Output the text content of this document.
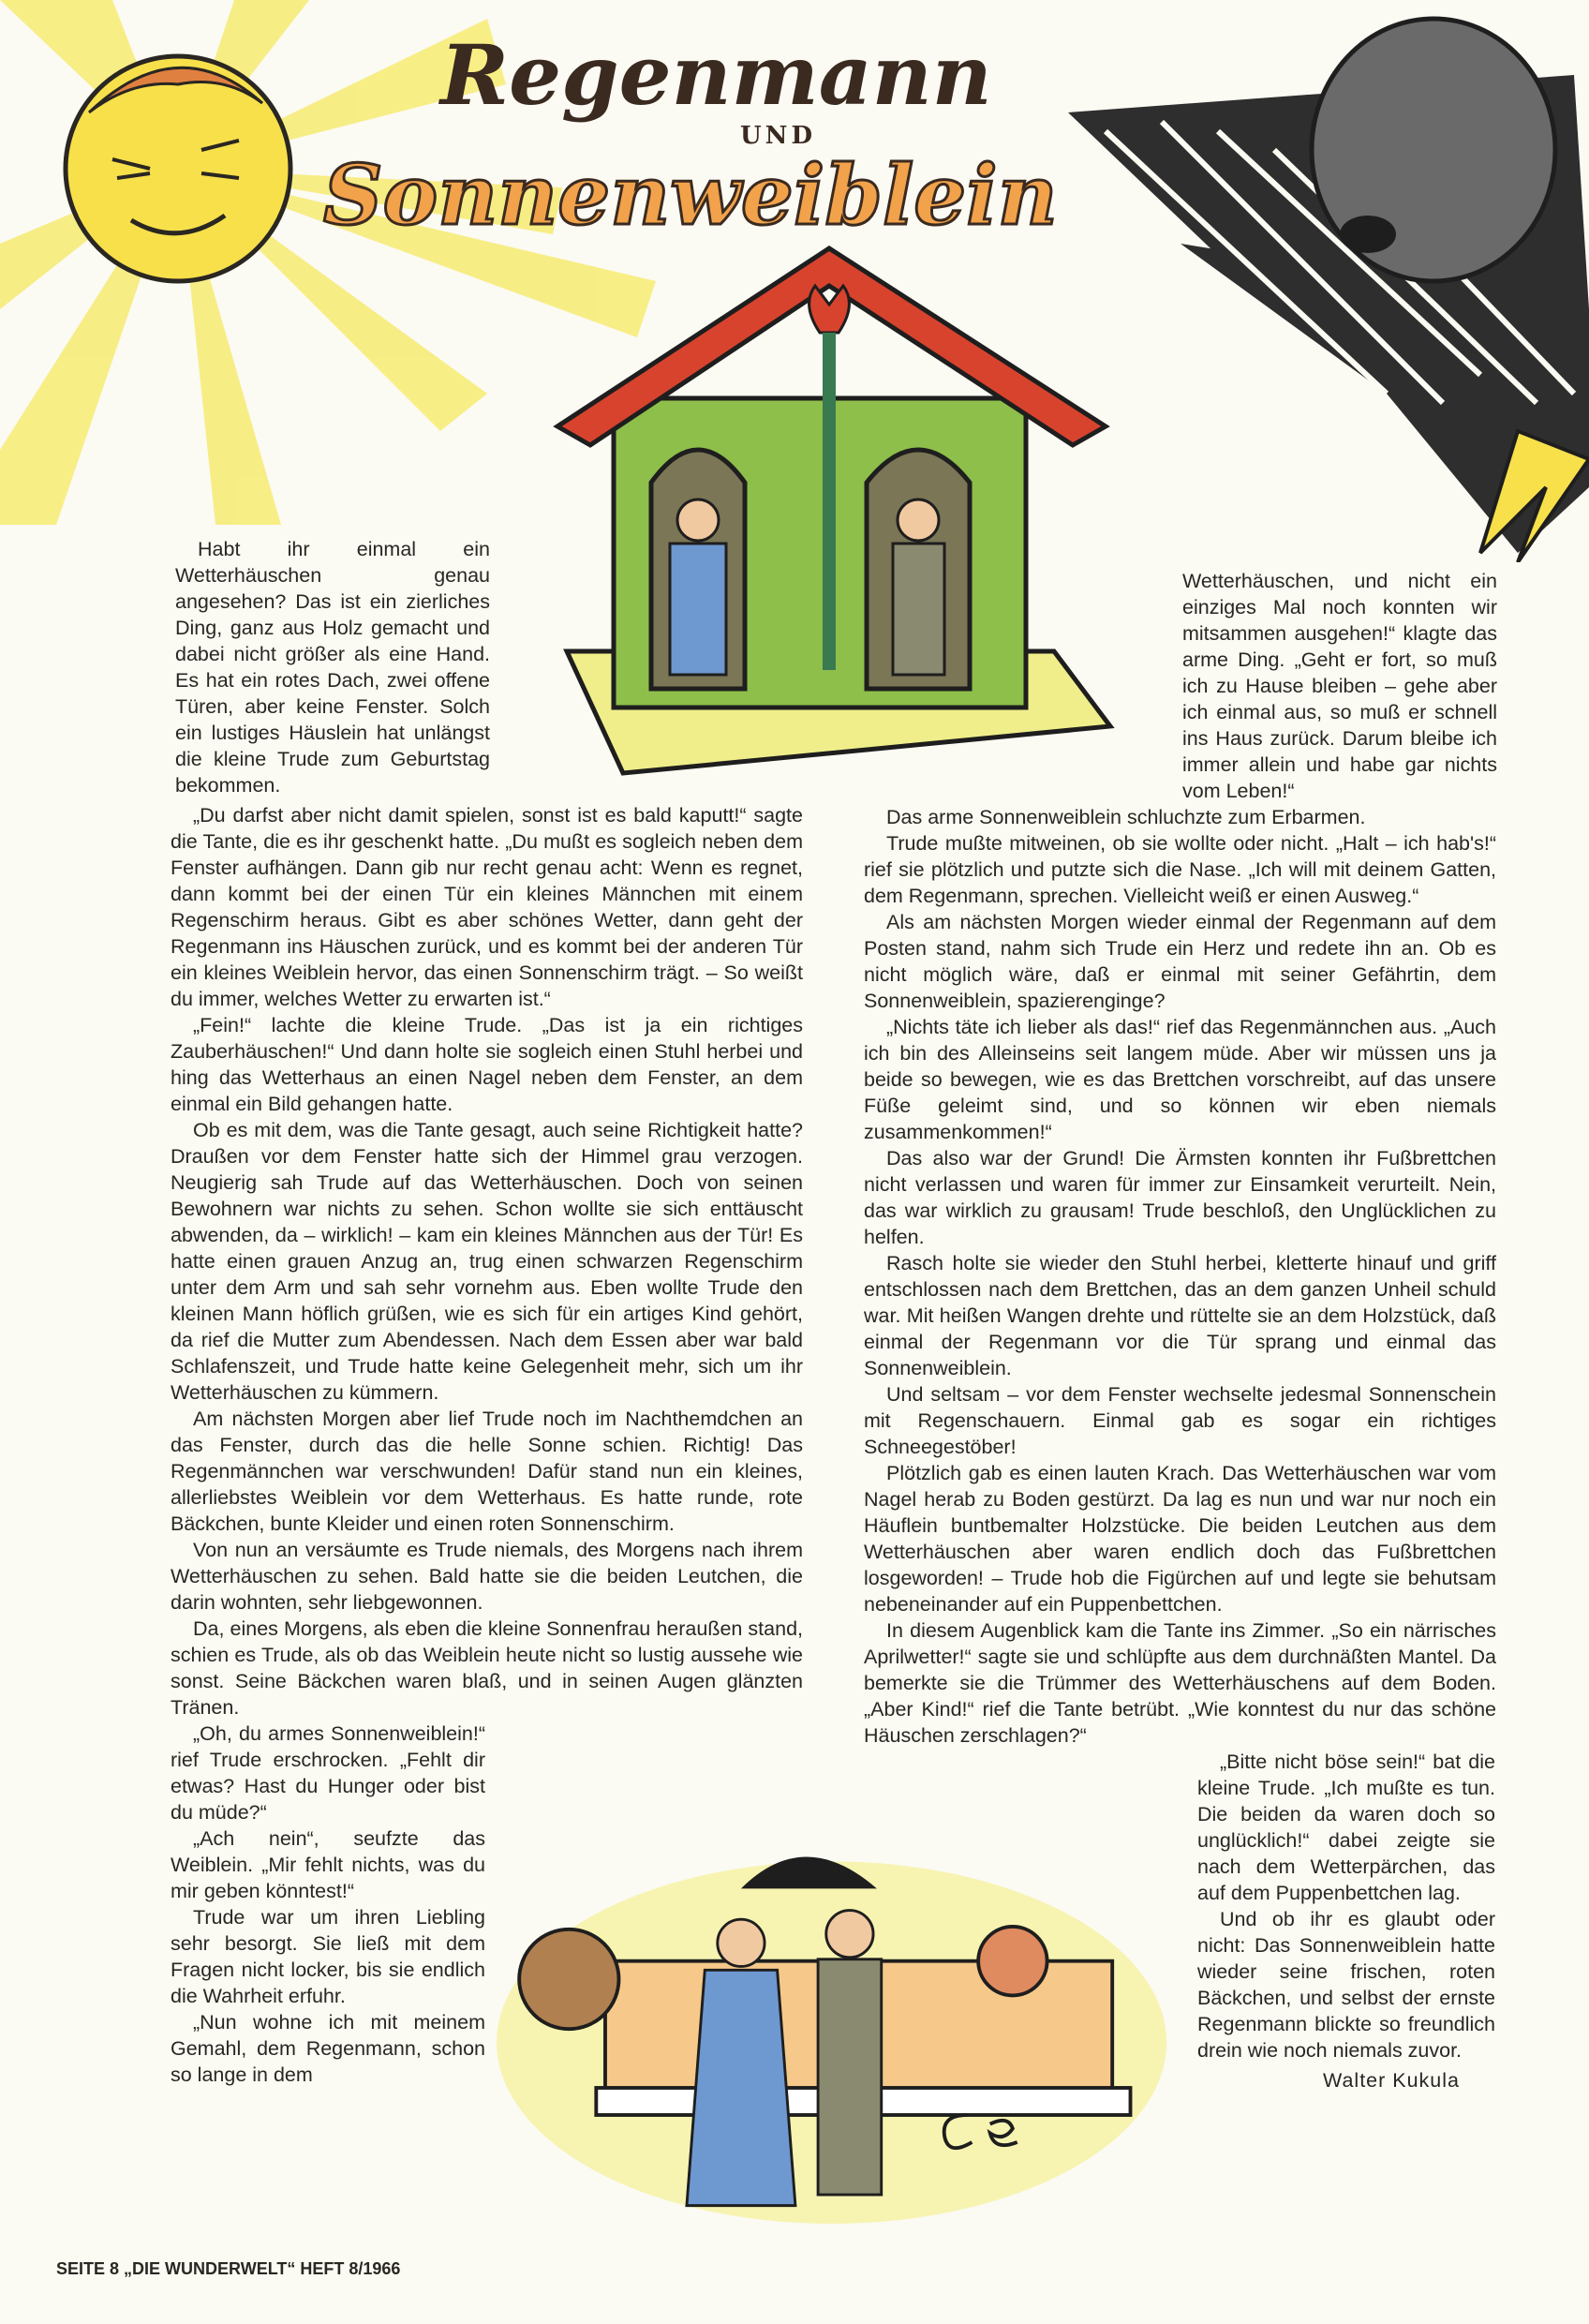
Regenmann
UND
Sonnenweiblein

Habt ihr einmal ein Wetterhäuschen genau angesehen? Das ist ein zierliches Ding, ganz aus Holz gemacht und dabei nicht größer als eine Hand. Es hat ein rotes Dach, zwei offene Türen, aber keine Fenster. Solch ein lustiges Häuslein hat unlängst die kleine Trude zum Geburtstag bekommen.

„Du darfst aber nicht damit spielen, sonst ist es bald kaputt!“ sagte die Tante, die es ihr geschenkt hatte. „Du mußt es sogleich neben dem Fenster aufhängen. Dann gib nur recht genau acht: Wenn es regnet, dann kommt bei der einen Tür ein kleines Männchen mit einem Regenschirm heraus. Gibt es aber schönes Wetter, dann geht der Regenmann ins Häuschen zurück, und es kommt bei der anderen Tür ein kleines Weiblein hervor, das einen Sonnenschirm trägt. – So weißt du immer, welches Wetter zu erwarten ist.“

„Fein!“ lachte die kleine Trude. „Das ist ja ein richtiges Zauberhäuschen!“ Und dann holte sie sogleich einen Stuhl herbei und hing das Wetterhaus an einen Nagel neben dem Fenster, an dem einmal ein Bild gehangen hatte.

Ob es mit dem, was die Tante gesagt, auch seine Richtigkeit hatte? Draußen vor dem Fenster hatte sich der Himmel grau verzogen. Neugierig sah Trude auf das Wetterhäuschen. Doch von seinen Bewohnern war nichts zu sehen. Schon wollte sie sich enttäuscht abwenden, da – wirklich! – kam ein kleines Männchen aus der Tür! Es hatte einen grauen Anzug an, trug einen schwarzen Regenschirm unter dem Arm und sah sehr vornehm aus. Eben wollte Trude den kleinen Mann höflich grüßen, wie es sich für ein artiges Kind gehört, da rief die Mutter zum Abendessen. Nach dem Essen aber war bald Schlafenszeit, und Trude hatte keine Gelegenheit mehr, sich um ihr Wetterhäuschen zu kümmern.

Am nächsten Morgen aber lief Trude noch im Nachthemdchen an das Fenster, durch das die helle Sonne schien. Richtig! Das Regenmännchen war verschwunden! Dafür stand nun ein kleines, allerliebstes Weiblein vor dem Wetterhaus. Es hatte runde, rote Bäckchen, bunte Kleider und einen roten Sonnenschirm.

Von nun an versäumte es Trude niemals, des Morgens nach ihrem Wetterhäuschen zu sehen. Bald hatte sie die beiden Leutchen, die darin wohnten, sehr liebgewonnen.

Da, eines Morgens, als eben die kleine Sonnenfrau heraußen stand, schien es Trude, als ob das Weiblein heute nicht so lustig aussehe wie sonst. Seine Bäckchen waren blaß, und in seinen Augen glänzten Tränen.

„Oh, du armes Sonnenweiblein!“ rief Trude erschrocken. „Fehlt dir etwas? Hast du Hunger oder bist du müde?“

„Ach nein“, seufzte das Weiblein. „Mir fehlt nichts, was du mir geben könntest!“

Trude war um ihren Liebling sehr besorgt. Sie ließ mit dem Fragen nicht locker, bis sie endlich die Wahrheit erfuhr.

„Nun wohne ich mit meinem Gemahl, dem Regenmann, schon so lange in dem

Wetterhäuschen, und nicht ein einziges Mal noch konnten wir mitsammen ausgehen!“ klagte das arme Ding. „Geht er fort, so muß ich zu Hause bleiben – gehe aber ich einmal aus, so muß er schnell ins Haus zurück. Darum bleibe ich immer allein und habe gar nichts vom Leben!“

Das arme Sonnenweiblein schluchzte zum Erbarmen.

Trude mußte mitweinen, ob sie wollte oder nicht. „Halt – ich hab's!“ rief sie plötzlich und putzte sich die Nase. „Ich will mit deinem Gatten, dem Regenmann, sprechen. Vielleicht weiß er einen Ausweg.“

Als am nächsten Morgen wieder einmal der Regenmann auf dem Posten stand, nahm sich Trude ein Herz und redete ihn an. Ob es nicht möglich wäre, daß er einmal mit seiner Gefährtin, dem Sonnenweiblein, spazierenginge?

„Nichts täte ich lieber als das!“ rief das Regenmännchen aus. „Auch ich bin des Alleinseins seit langem müde. Aber wir müssen uns ja beide so bewegen, wie es das Brettchen vorschreibt, auf das unsere Füße geleimt sind, und so können wir eben niemals zusammenkommen!“

Das also war der Grund! Die Ärmsten konnten ihr Fußbrettchen nicht verlassen und waren für immer zur Einsamkeit verurteilt. Nein, das war wirklich zu grausam! Trude beschloß, den Unglücklichen zu helfen.

Rasch holte sie wieder den Stuhl herbei, kletterte hinauf und griff entschlossen nach dem Brettchen, das an dem ganzen Unheil schuld war. Mit heißen Wangen drehte und rüttelte sie an dem Holzstück, daß einmal der Regenmann vor die Tür sprang und einmal das Sonnenweiblein.

Und seltsam – vor dem Fenster wechselte jedesmal Sonnenschein mit Regenschauern. Einmal gab es sogar ein richtiges Schneegestöber!

Plötzlich gab es einen lauten Krach. Das Wetterhäuschen war vom Nagel herab zu Boden gestürzt. Da lag es nun und war nur noch ein Häuflein buntbemalter Holzstücke. Die beiden Leutchen aus dem Wetterhäuschen aber waren endlich doch das Fußbrettchen losgeworden! – Trude hob die Figürchen auf und legte sie behutsam nebeneinander auf ein Puppenbettchen.

In diesem Augenblick kam die Tante ins Zimmer. „So ein närrisches Aprilwetter!“ sagte sie und schlüpfte aus dem durchnäßten Mantel. Da bemerkte sie die Trümmer des Wetterhäuschens auf dem Boden. „Aber Kind!“ rief die Tante betrübt. „Wie konntest du nur das schöne Häuschen zerschlagen?“

„Bitte nicht böse sein!“ bat die kleine Trude. „Ich mußte es tun. Die beiden da waren doch so unglücklich!“ dabei zeigte sie nach dem Wetterpärchen, das auf dem Puppenbettchen lag.

Und ob ihr es glaubt oder nicht: Das Sonnenweiblein hatte wieder seine frischen, roten Bäckchen, und selbst der ernste Regenmann blickte so freundlich drein wie noch niemals zuvor.

Walter Kukula
SEITE 8 „DIE WUNDERWELT“ HEFT 8/1966
